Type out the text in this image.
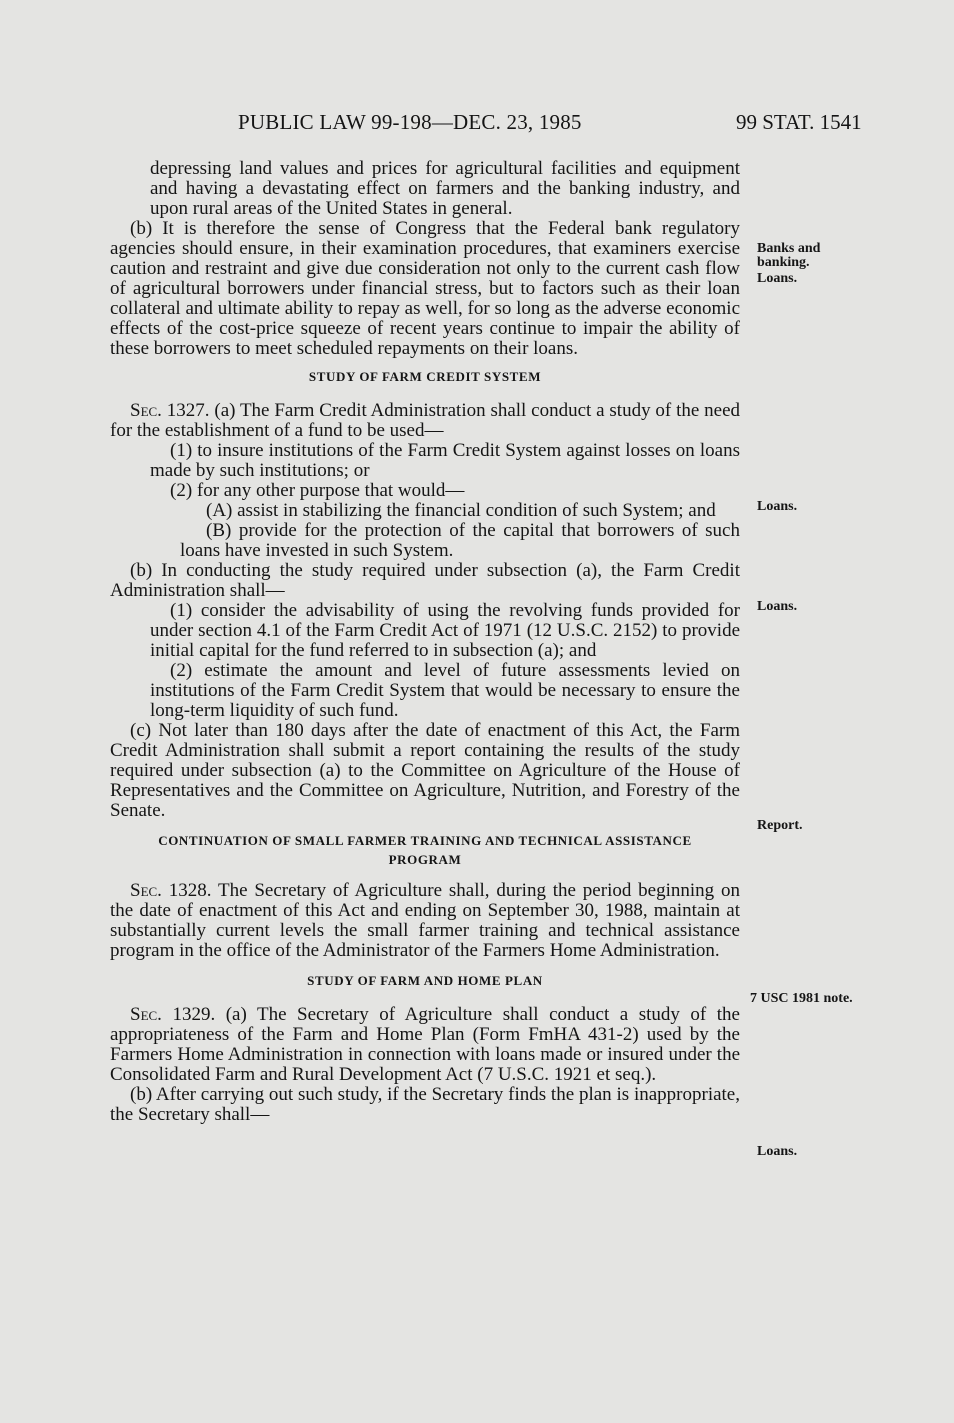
PUBLIC LAW 99-198—DEC. 23, 1985	99 STAT. 1541

depressing land values and prices for agricultural facilities and equipment and having a devastating effect on farmers and the banking industry, and upon rural areas of the United States in general.

(b) It is therefore the sense of Congress that the Federal bank regulatory agencies should ensure, in their examination procedures, that examiners exercise caution and restraint and give due consideration not only to the current cash flow of agricultural borrowers under financial stress, but to factors such as their loan collateral and ultimate ability to repay as well, for so long as the adverse economic effects of the cost-price squeeze of recent years continue to impair the ability of these borrowers to meet scheduled repayments on their loans.

STUDY OF FARM CREDIT SYSTEM

Sec. 1327. (a) The Farm Credit Administration shall conduct a study of the need for the establishment of a fund to be used—

(1) to insure institutions of the Farm Credit System against losses on loans made by such institutions; or

(2) for any other purpose that would—

(A) assist in stabilizing the financial condition of such System; and

(B) provide for the protection of the capital that borrowers of such loans have invested in such System.

(b) In conducting the study required under subsection (a), the Farm Credit Administration shall—

(1) consider the advisability of using the revolving funds provided for under section 4.1 of the Farm Credit Act of 1971 (12 U.S.C. 2152) to provide initial capital for the fund referred to in subsection (a); and

(2) estimate the amount and level of future assessments levied on institutions of the Farm Credit System that would be necessary to ensure the long-term liquidity of such fund.

(c) Not later than 180 days after the date of enactment of this Act, the Farm Credit Administration shall submit a report containing the results of the study required under subsection (a) to the Committee on Agriculture of the House of Representatives and the Committee on Agriculture, Nutrition, and Forestry of the Senate.

CONTINUATION OF SMALL FARMER TRAINING AND TECHNICAL ASSISTANCE PROGRAM

Sec. 1328. The Secretary of Agriculture shall, during the period beginning on the date of enactment of this Act and ending on September 30, 1988, maintain at substantially current levels the small farmer training and technical assistance program in the office of the Administrator of the Farmers Home Administration.

STUDY OF FARM AND HOME PLAN

Sec. 1329. (a) The Secretary of Agriculture shall conduct a study of the appropriateness of the Farm and Home Plan (Form FmHA 431-2) used by the Farmers Home Administration in connection with loans made or insured under the Consolidated Farm and Rural Development Act (7 U.S.C. 1921 et seq.).

(b) After carrying out such study, if the Secretary finds the plan is inappropriate, the Secretary shall—

Banks and banking.
Loans.
Loans.
Loans.
Report.
7 USC 1981 note.
Loans.
